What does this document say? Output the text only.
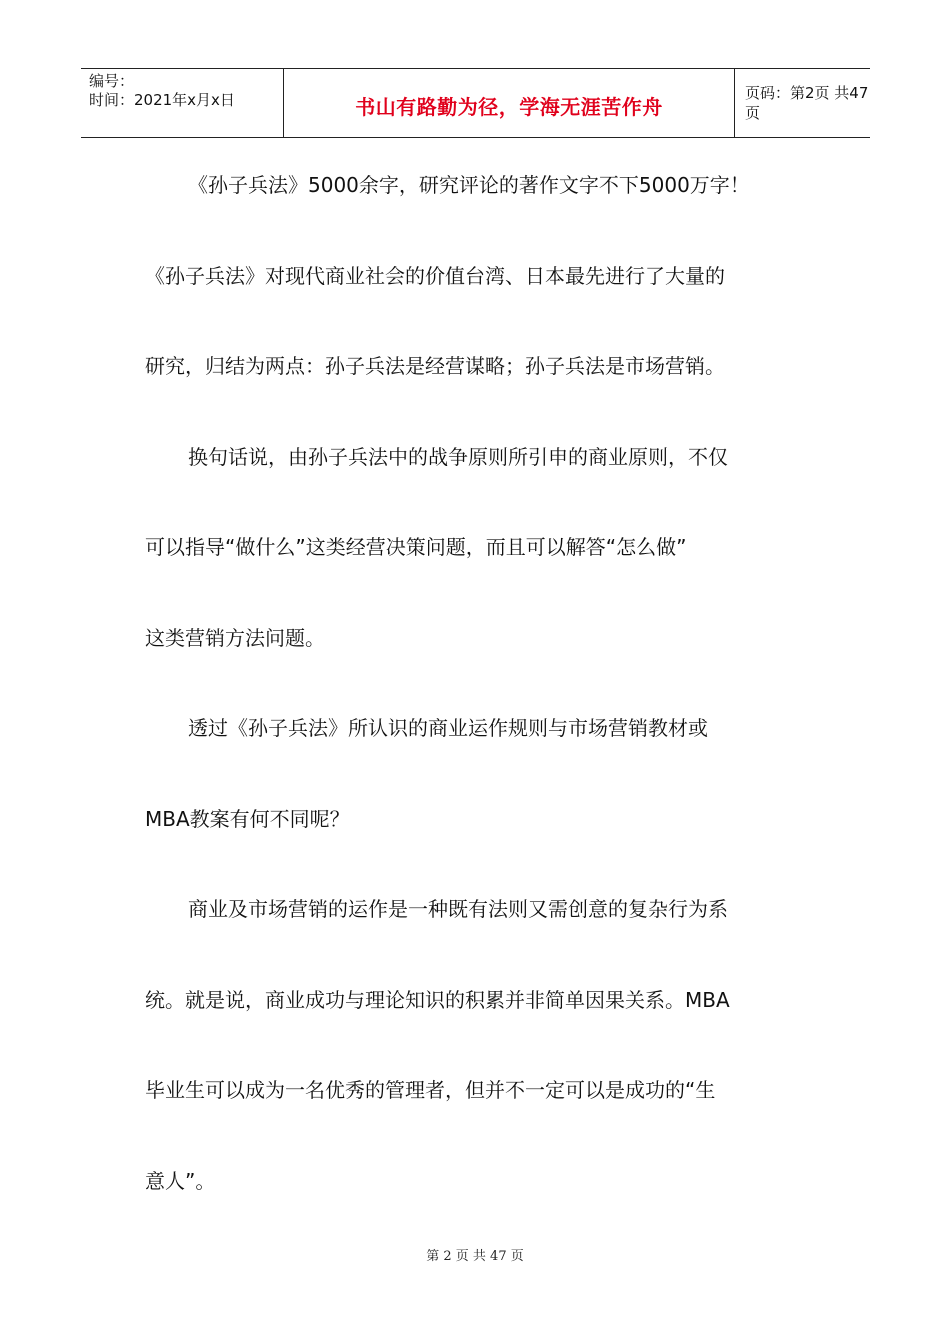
编号：
时间：2021年x月x日	书山有路勤为径，学海无涯苦作舟
页码：第2页 共47页

《孙子兵法》5000余字，研究评论的著作文字不下5000万字！

《孙子兵法》对现代商业社会的价值台湾、日本最先进行了大量的

研究，归结为两点：孙子兵法是经营谋略；孙子兵法是市场营销。

换句话说，由孙子兵法中的战争原则所引申的商业原则，不仅

可以指导“做什么”这类经营决策问题，而且可以解答“怎么做”

这类营销方法问题。

透过《孙子兵法》所认识的商业运作规则与市场营销教材或

MBA教案有何不同呢？

商业及市场营销的运作是一种既有法则又需创意的复杂行为系

统。就是说，商业成功与理论知识的积累并非简单因果关系。MBA

毕业生可以成为一名优秀的管理者，但并不一定可以是成功的“生

意人”。

第 2 页 共 47 页
